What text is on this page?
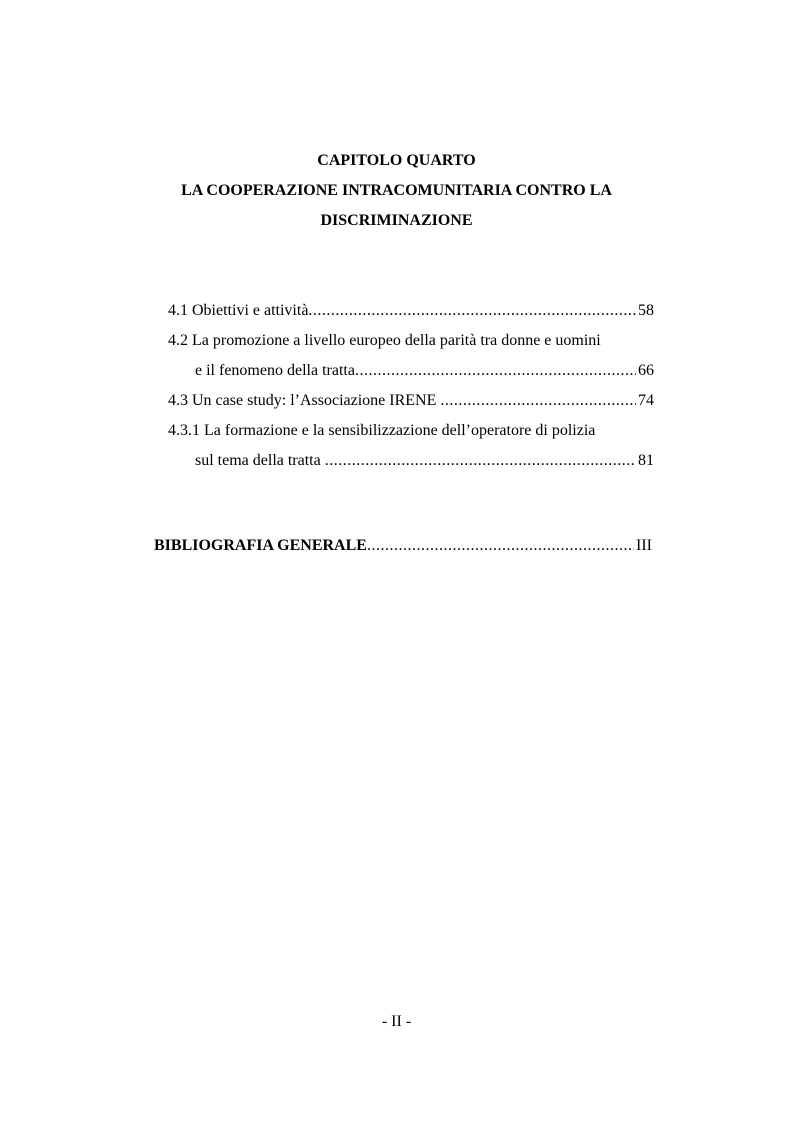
CAPITOLO QUARTO
LA COOPERAZIONE INTRACOMUNITARIA CONTRO LA
DISCRIMINAZIONE
4.1 Obiettivi e attività .....	58
4.2 La promozione a livello europeo della parità tra donne e uomini
e il fenomeno della tratta .....	66
4.3 Un case study: l’Associazione IRENE .....	74
4.3.1 La formazione e la sensibilizzazione dell’operatore di polizia
sul tema della tratta .....	81
BIBLIOGRAFIA GENERALE .....	III
- II -
